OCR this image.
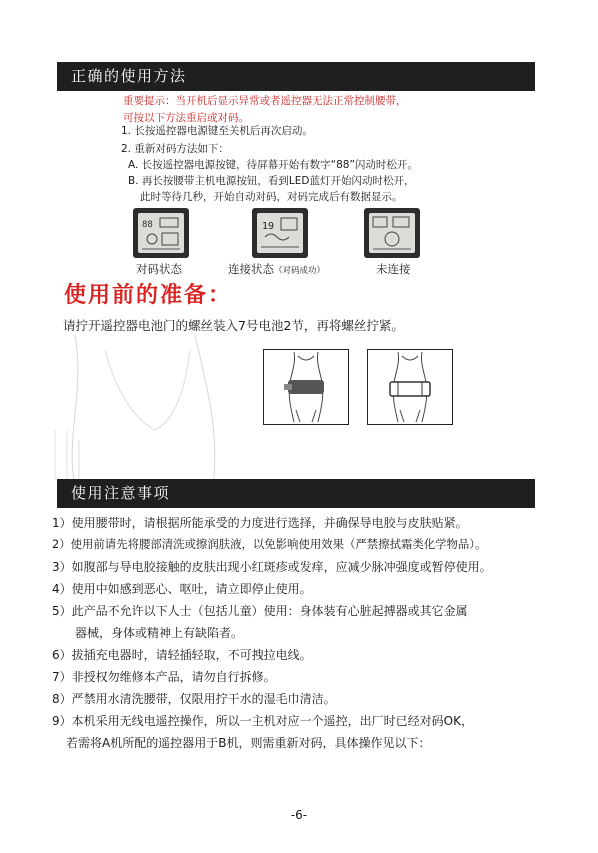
正确的使用方法
重要提示：当开机后显示异常或者遥控器无法正常控制腰带，
可按以下方法重启或对码。
1. 长按遥控器电源键至关机后再次启动。
2. 重新对码方法如下：
A. 长按遥控器电源按键，待屏幕开始有数字“88”闪动时松开。
B. 再长按腰带主机电源按钮，看到LED蓝灯开始闪动时松开，
此时等待几秒，开始自动对码，对码完成后有数据显示。
88	19
对码状态	连接状态（对码成功）	未连接
使用前的准备：
请拧开遥控器电池门的螺丝装入7号电池2节，再将螺丝拧紧。
使用注意事项
1）使用腰带时，请根据所能承受的力度进行选择，并确保导电胶与皮肤贴紧。
2）使用前请先将腰部清洗或擦润肤液，以免影响使用效果（严禁擦拭霜类化学物品）。
3）如腹部与导电胶接触的皮肤出现小红斑疹或发痒，应减少脉冲强度或暂停使用。
4）使用中如感到恶心、呕吐，请立即停止使用。
5）此产品不允许以下人士（包括儿童）使用：身体装有心脏起搏器或其它金属
器械，身体或精神上有缺陷者。
6）拔插充电器时，请轻插轻取，不可拽拉电线。
7）非授权勿维修本产品，请勿自行拆修。
8）严禁用水清洗腰带，仅限用拧干水的湿毛巾清洁。
9）本机采用无线电遥控操作，所以一主机对应一个遥控，出厂时已经对码OK，
若需将A机所配的遥控器用于B机，则需重新对码，具体操作见以下：
-6-
